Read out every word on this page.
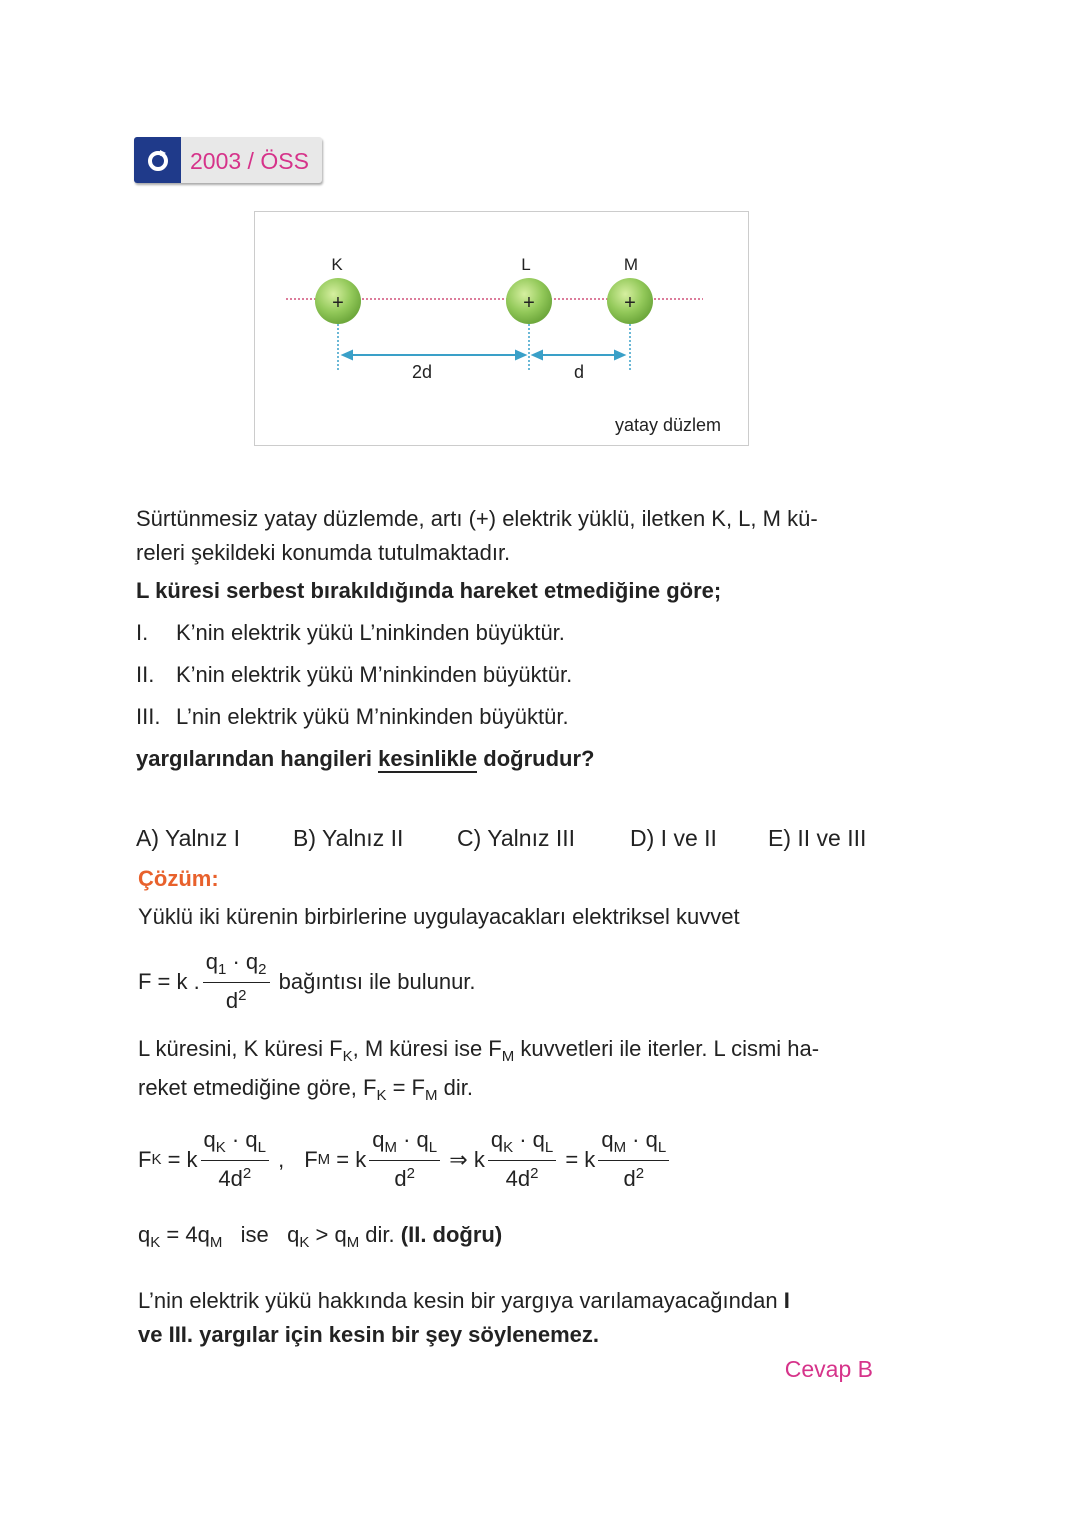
2003 / ÖSS
+	+	+
K	L	M
2d	d
yatay düzlem
Sürtünmesiz yatay düzlemde, artı (+) elektrik yüklü, iletken K, L, M kü-
releri şekildeki konumda tutulmaktadır.
L küresi serbest bırakıldığında hareket etmediğine göre;
I. K’nin elektrik yükü L’ninkinden büyüktür.
II. K’nin elektrik yükü M’ninkinden büyüktür.
III. L’nin elektrik yükü M’ninkinden büyüktür.
yargılarından hangileri kesinlikle doğrudur?
A) Yalnız I B) Yalnız II C) Yalnız III D) I ve II E) II ve III
Çözüm:
Yüklü iki kürenin birbirlerine uygulayacakları elektriksel kuvvet
F = k . $\frac{q_1 \cdot q_2}{d^2}$ bağıntısı ile bulunur.
L küresini, K küresi $F_K$, M küresi ise $F_M$ kuvvetleri ile iterler. L cismi ha-
reket etmediğine göre, $F_K = F_M$ dir.
F K = k $\frac{q_K \cdot q_L}{4d^2}$ , F M = k $\frac{q_M \cdot q_L}{d^2}$ ⇒ k $\frac{q_K \cdot q_L}{4d^2} = k \frac{q_M \cdot q_L}{d^2}$
$q_K = 4q_M$   ise   $q_K > q_M$ dir. (II. doğru)
L’nin elektrik yükü hakkında kesin bir yargıya varılamayacağından I
ve III. yargılar için kesin bir şey söylenemez.
Cevap B
